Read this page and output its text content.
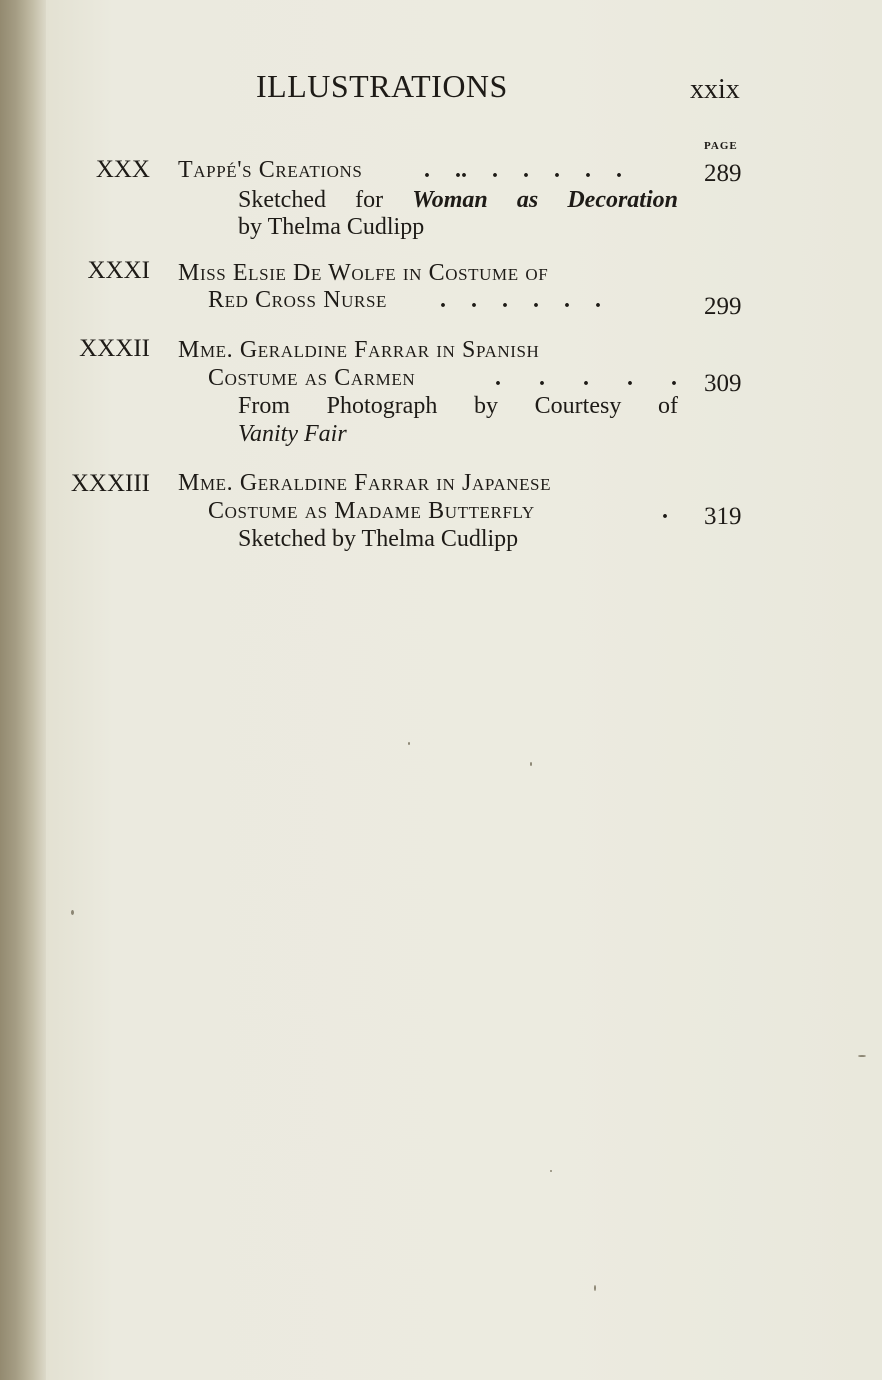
ILLUSTRATIONS	xxix
PAGE
XXX Tappé's Creations	. .. . . . . .	289
Sketched for Woman as Decoration
by Thelma Cudlipp
XXXI Miss Elsie De Wolfe in Costume of
Red Cross Nurse . . . . . .	299
XXXII Mme. Geraldine Farrar in Spanish
Costume as Carmen	. . . . . 309
From Photograph by Courtesy of
Vanity Fair
XXXIII Mme. Geraldine Farrar in Japanese
Costume as Madame Butterfly	. 319
Sketched by Thelma Cudlipp
